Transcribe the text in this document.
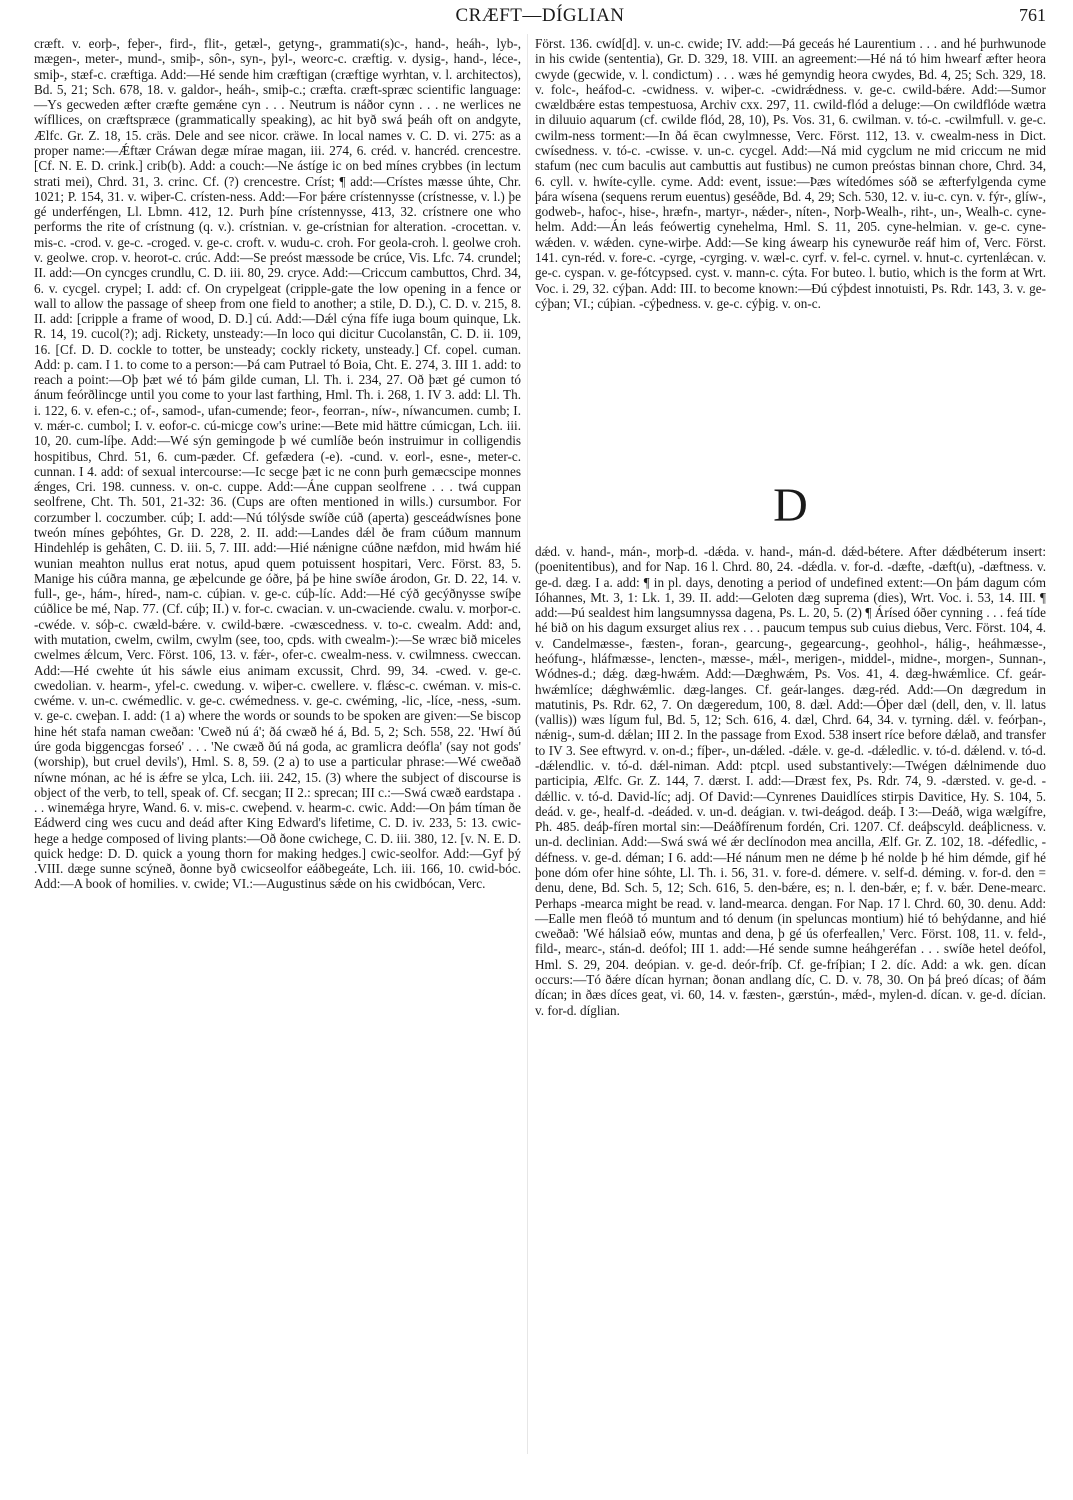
CRÆFT—DÍGLIAN	761

cræft. v. eorþ-, feþer-, fird-, flit-, getæl-, getyng-, grammati(s)c-, hand-, heáh-, lyb-, mægen-, meter-, mund-, smiþ-, sôn-, syn-, þyl-, weorc-c. cræftig. v. dysig-, hand-, léce-, smiþ-, stæf-c. cræftiga. Add:—Hé sende him cræftigan (cræftige wyrhtan, v. l. architectos), Bd. 5, 21; Sch. 678, 18. v. galdor-, heáh-, smiþ-c.; cræfta. cræft-spræc scientific language:—Ys gecweden æfter cræfte gemǽne cyn . . . Neutrum is náðor cynn . . . ne werlices ne wífllices, on cræftspræce (grammatically speaking), ac hit byð swá þeáh oft on andgyte, Ælfc. Gr. Z. 18, 15. cräs. Dele and see nicor. cräwe. In local names v. C. D. vi. 275: as a proper name:—Ǽftær Cráwan degæ mírae magan, iii. 274, 6. créd. v. hancréd. crencestre. [Cf. N. E. D. crink.] crib(b). Add: a couch:—Ne ástíge ic on bed mínes crybbes (in lectum strati mei), Chrd. 31, 3. crinc. Cf. (?) crencestre. Críst; ¶ add:—Crístes mæsse úhte, Chr. 1021; P. 154, 31. v. wiþer-C. crísten-ness. Add:—For þǽre crístennysse (crístnesse, v. l.) þe gé underféngen, Ll. Lbmn. 412, 12. Þurh þíne crístennysse, 413, 32. crístnere one who performs the rite of crístnung (q. v.). crístnian. v. ge-crístnian for alteration. -crocettan. v. mis-c. -crod. v. ge-c. -croged. v. ge-c. croft. v. wudu-c. croh. For geola-croh. l. geolwe croh. v. geolwe. crop. v. heorot-c. crúc. Add:—Se preóst mæssode be crúce, Vis. Lfc. 74. crundel; II. add:—On cyncges crundlu, C. D. iii. 80, 29. cryce. Add:—Criccum cambuttos, Chrd. 34, 6. v. cycgel. crypel; I. add: cf. On crypelgeat (cripple-gate the low opening in a fence or wall to allow the passage of sheep from one field to another; a stile, D. D.), C. D. v. 215, 8. II. add: [cripple a frame of wood, D. D.] cú. Add:—Dǽl cýna fífe iuga boum quinque, Lk. R. 14, 19. cucol(?); adj. Rickety, unsteady:—In loco qui dicitur Cucolanstân, C. D. ii. 109, 16. [Cf. D. D. cockle to totter, be unsteady; cockly rickety, unsteady.] Cf. copel. cuman. Add: p. cam. I 1. to come to a person:—Þá cam Putrael tó Boia, Cht. E. 274, 3. III 1. add: to reach a point:—Oþ þæt wé tó þám gilde cuman, Ll. Th. i. 234, 27. Oð þæt gé cumon tó ánum feórðlincge until you come to your last farthing, Hml. Th. i. 268, 1. IV 3. add: Ll. Th. i. 122, 6. v. efen-c.; of-, samod-, ufan-cumende; feor-, feorran-, níw-, níwancumen. cumb; I. v. mǽr-c. cumbol; I. v. eofor-c. cú-micge cow's urine:—Bete mid hättre cúmicgan, Lch. iii. 10, 20. cum-líþe. Add:—Wé sýn gemingode þ wé cumlíðe beón instruimur in colligendis hospitibus, Chrd. 51, 6. cum-pæder. Cf. gefædera (-e). -cund. v. eorl-, esne-, meter-c. cunnan. I 4. add: of sexual intercourse:—Ic secge þæt ic ne conn þurh gemæcscipe monnes ǽnges, Cri. 198. cunness. v. on-c. cuppe. Add:—Áne cuppan seolfrene . . . twá cuppan seolfrene, Cht. Th. 501, 21-32: 36. (Cups are often mentioned in wills.) cursumbor. For corzumber l. coczumber. cúþ; I. add:—Nú tólýsde swíðe cúð (aperta) gesceádwísnes þone tweón mínes geþóhtes, Gr. D. 228, 2. II. add:—Landes dǽl ðe fram cúðum mannum Hindehlép is gehâten, C. D. iii. 5, 7. III. add:—Hié nǽnigne cúðne næfdon, mid hwám hié wunian meahton nullus erat notus, apud quem potuissent hospitari, Verc. Först. 83, 5. Manige his cúðra manna, ge æþelcunde ge óðre, þá þe hine swíðe árodon, Gr. D. 22, 14. v. full-, ge-, hám-, híred-, nam-c. cúþian. v. ge-c. cúþ-líc. Add:—Hé cýð gecýðnysse swíþe cúðlice be mé, Nap. 77. (Cf. cúþ; II.) v. for-c. cwacian. v. un-cwaciende. cwalu. v. morþor-c. -cwéde. v. sóþ-c. cwæld-bǽre. v. cwild-bære. -cwæscedness. v. to-c. cwealm. Add: and, with mutation, cwelm, cwilm, cwylm (see, too, cpds. with cwealm-):—Se wræc bið miceles cwelmes ǽlcum, Verc. Först. 106, 13. v. fǽr-, ofer-c. cwealm-ness. v. cwilmness. cweccan. Add:—Hé cwehte út his sáwle eius animam excussit, Chrd. 99, 34. -cwed. v. ge-c. cwedolian. v. hearm-, yfel-c. cwedung. v. wiþer-c. cwellere. v. flǽsc-c. cwéman. v. mis-c. cwéme. v. un-c. cwémedlic. v. ge-c. cwémedness. v. ge-c. cwéming, -lic, -líce, -ness, -sum. v. ge-c. cweþan. I. add: (1 a) where the words or sounds to be spoken are given:—Se biscop hine hét stafa naman cweðan: 'Cweð nú á'; ðá cwæð hé á, Bd. 5, 2; Sch. 558, 22. 'Hwí ðú úre goda biggencgas forseó' . . . 'Ne cwæð ðú ná goda, ac gramlicra deófla' (say not gods' (worship), but cruel devils'), Hml. S. 8, 59. (2 a) to use a particular phrase:—Wé cweðað níwne mónan, ac hé is ǽfre se ylca, Lch. iii. 242, 15. (3) where the subject of discourse is object of the verb, to tell, speak of. Cf. secgan; II 2.: sprecan; III c.:—Swá cwæð eardstapa . . . winemǽga hryre, Wand. 6. v. mis-c. cweþend. v. hearm-c. cwic. Add:—On þám tíman ðe Eádwerd cing wes cucu and deád after King Edward's lifetime, C. D. iv. 233, 5: 13. cwic-hege a hedge composed of living plants:—Oð ðone cwichege, C. D. iii. 380, 12. [v. N. E. D. quick hedge: D. D. quick a young thorn for making hedges.] cwic-seolfor. Add:—Gyf þý .VIII. dæge sunne scýneð, ðonne byð cwicseolfor eáðbegeáte, Lch. iii. 166, 10. cwid-bóc. Add:—A book of homilies. v. cwide; VI.:—Augustinus sǽde on his cwidbócan, Verc.

Först. 136. cwíd[d]. v. un-c. cwide; IV. add:—Þá geceás hé Laurentium . . . and hé þurhwunode in his cwide (sententia), Gr. D. 329, 18. VIII. an agreement:—Hé ná tó him hwearf æfter heora cwyde (gecwide, v. l. condictum) . . . wæs hé gemyndig heora cwydes, Bd. 4, 25; Sch. 329, 18. v. folc-, heáfod-c. -cwidness. v. wiþer-c. -cwidrǽdness. v. ge-c. cwild-bǽre. Add:—Sumor cwældbǽre estas tempestuosa, Archiv cxx. 297, 11. cwild-flód a deluge:—On cwildflóde wætra in diluuio aquarum (cf. cwilde flód, 28, 10), Ps. Vos. 31, 6. cwilman. v. tó-c. -cwilmfull. v. ge-c. cwilm-ness torment:—In ðá ēcan cwylmnesse, Verc. Först. 112, 13. v. cwealm-ness in Dict. cwísedness. v. tó-c. -cwisse. v. un-c. cycgel. Add:—Ná mid cygclum ne mid criccum ne mid stafum (nec cum baculis aut cambuttis aut fustibus) ne cumon preóstas binnan chore, Chrd. 34, 6. cyll. v. hwíte-cylle. cyme. Add: event, issue:—Þæs wítedómes sóð se æfterfylgenda cyme þára wísena (sequens rerum euentus) geséðde, Bd. 4, 29; Sch. 530, 12. v. iu-c. cyn. v. fýr-, glíw-, godweb-, hafoc-, hise-, hræfn-, martyr-, nǽder-, níten-, Norþ-Wealh-, riht-, un-, Wealh-c. cyne-helm. Add:—Án leás feówertig cynehelma, Hml. S. 11, 205. cyne-helmian. v. ge-c. cyne-wǽden. v. wǽden. cyne-wirþe. Add:—Se king áwearp his cynewurðe reáf him of, Verc. Först. 141. cyn-réd. v. fore-c. -cyrge, -cyrging. v. wæl-c. cyrf. v. fel-c. cyrnel. v. hnut-c. cyrtenlǽcan. v. ge-c. cyspan. v. ge-fótcypsed. cyst. v. mann-c. cýta. For buteo. l. butio, which is the form at Wrt. Voc. i. 29, 32. cýþan. Add: III. to become known:—Ðú cýþdest innotuisti, Ps. Rdr. 143, 3. v. ge-cýþan; VI.; cúþian. -cýþedness. v. ge-c. cýþig. v. on-c.

D

dǽd. v. hand-, mán-, morþ-d. -dǽda. v. hand-, mán-d. dǽd-bétere. After dǽdbéterum insert: (poenitentibus), and for Nap. 16 l. Chrd. 80, 24. -dǽdla. v. for-d. -dæfte, -dæft(u), -dæftness. v. ge-d. dæg. I a. add: ¶ in pl. days, denoting a period of undefined extent:—On þám dagum cóm Ióhannes, Mt. 3, 1: Lk. 1, 39. II. add:—Geloten dæg suprema (dies), Wrt. Voc. i. 53, 14. III. ¶ add:—Þú sealdest him langsumnyssa dagena, Ps. L. 20, 5. (2) ¶ Árísed óðer cynning . . . feá tíde hé bið on his dagum exsurget alius rex . . . paucum tempus sub cuius diebus, Verc. Först. 104, 4. v. Candelmæsse-, fæsten-, foran-, gearcung-, gegearcung-, geohhol-, hálig-, heáhmæsse-, heófung-, hláfmæsse-, lencten-, mæsse-, mǽl-, merigen-, middel-, midne-, morgen-, Sunnan-, Wódnes-d.; dǽg. dæg-hwǽm. Add:—Dæghwǽm, Ps. Vos. 41, 4. dæg-hwǽmlice. Cf. geár-hwǽmlíce; dǽghwǽmlic. dæg-langes. Cf. geár-langes. dæg-réd. Add:—On dægredum in matutinis, Ps. Rdr. 62, 7. On dægeredum, 100, 8. dæl. Add:—Óþer dæl (dell, den, v. ll. latus (vallis)) wæs lígum ful, Bd. 5, 12; Sch. 616, 4. dæl, Chrd. 64, 34. v. tyrning. dǽl. v. feórþan-, nǽnig-, sum-d. dǽlan; III 2. In the passage from Exod. 538 insert ríce before dǽlað, and transfer to IV 3. See eftwyrd. v. on-d.; fíþer-, un-dǽled. -dǽle. v. ge-d. -dǽledlic. v. tó-d. dǽlend. v. tó-d. -dǽlendlic. v. tó-d. dǽl-niman. Add: ptcpl. used substantively:—Twégen dǽlnimende duo participia, Ælfc. Gr. Z. 144, 7. dærst. I. add:—Dræst fex, Ps. Rdr. 74, 9. -dærsted. v. ge-d. -dǽllic. v. tó-d. David-líc; adj. Of David:—Cynrenes Dauidlíces stirpis Davitice, Hy. S. 104, 5. deád. v. ge-, healf-d. -deáded. v. un-d. deágian. v. twi-deágod. deáþ. I 3:—Deáð, wiga wælgífre, Ph. 485. deáþ-fíren mortal sin:—Deáðfírenum fordén, Cri. 1207. Cf. deáþscyld. deáþlicness. v. un-d. declinian. Add:—Swá swá wé ǽr declínodon mea ancilla, Ælf. Gr. Z. 102, 18. -défedlic, -défness. v. ge-d. déman; I 6. add:—Hé nánum men ne déme þ hé nolde þ hé him démde, gif hé þone dóm ofer hine sóhte, Ll. Th. i. 56, 31. v. fore-d. démere. v. self-d. déming. v. for-d. den = denu, dene, Bd. Sch. 5, 12; Sch. 616, 5. den-bǽre, es; n. l. den-bǽr, e; f. v. bǽr. Dene-mearc. Perhaps -mearca might be read. v. land-mearca. dengan. For Nap. 17 l. Chrd. 60, 30. denu. Add:—Ealle men fleóð tó muntum and tó denum (in speluncas montium) hié tó behýdanne, and hié cweðað: 'Wé hálsiað eów, muntas and dena, þ gé ús oferfeallen,' Verc. Först. 108, 11. v. feld-, fild-, mearc-, stán-d. deófol; III 1. add:—Hé sende sumne heáhgeréfan . . . swíðe hetel deófol, Hml. S. 29, 204. deópian. v. ge-d. deór-fríþ. Cf. ge-fríþian; I 2. díc. Add: a wk. gen. dícan occurs:—Tó ðǽre dícan hyrnan; ðonan andlang díc, C. D. v. 78, 30. On þá þreó dícas; of ðám dícan; in ðæs díces geat, vi. 60, 14. v. fæsten-, gærstún-, mǽd-, mylen-d. dícan. v. ge-d. dícian. v. for-d. díglian.
